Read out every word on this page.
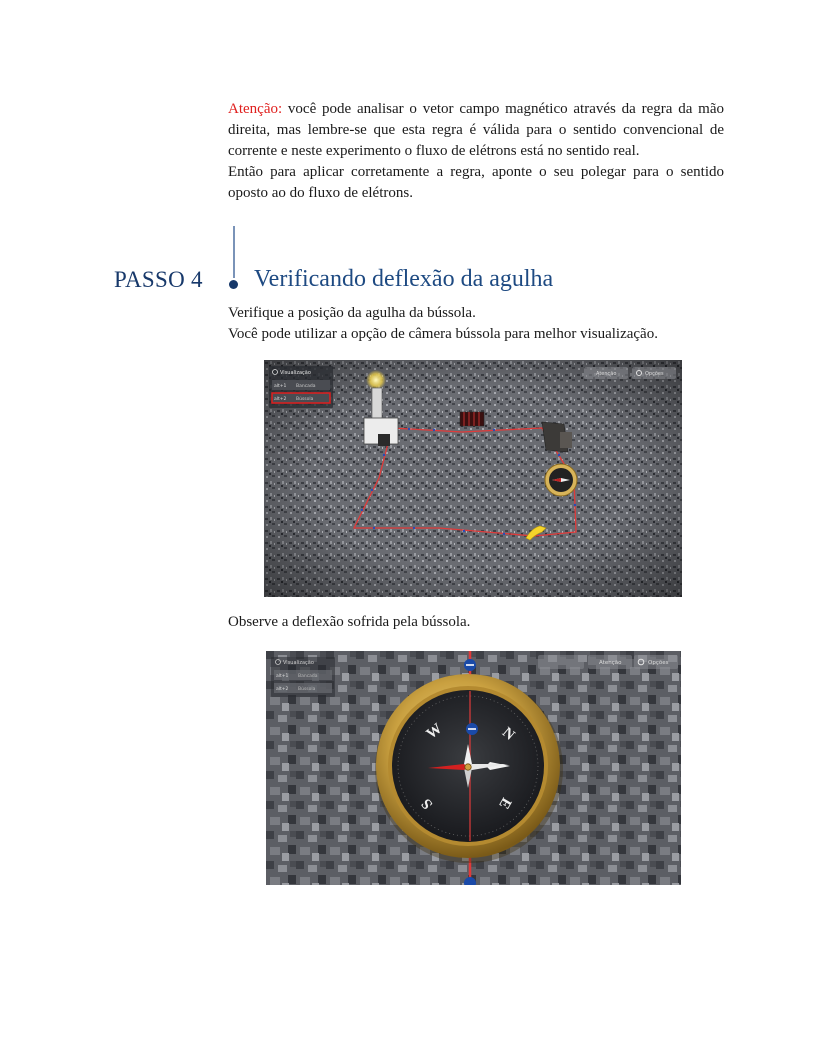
Atenção: você pode analisar o vetor campo magnético através da regra da mão direita, mas lembre-se que esta regra é válida para o sentido convencional de corrente e neste experimento o fluxo de elétrons está no sentido real.

Então para aplicar corretamente a regra, aponte o seu polegar para o sentido oposto ao do fluxo de elétrons.

PASSO 4 Verificando deflexão da agulha

Verifique a posição da agulha da bússola.

Você pode utilizar a opção de câmera bússola para melhor visualização.

Visualização
alt+1 Bancada
alt+2 Bússola
Atenção	Opções
Observe a deflexão sofrida pela bússola.
Visualização
alt+1 Bancada
alt+2 Bússola
Atenção	Opções
W	N
S	E
